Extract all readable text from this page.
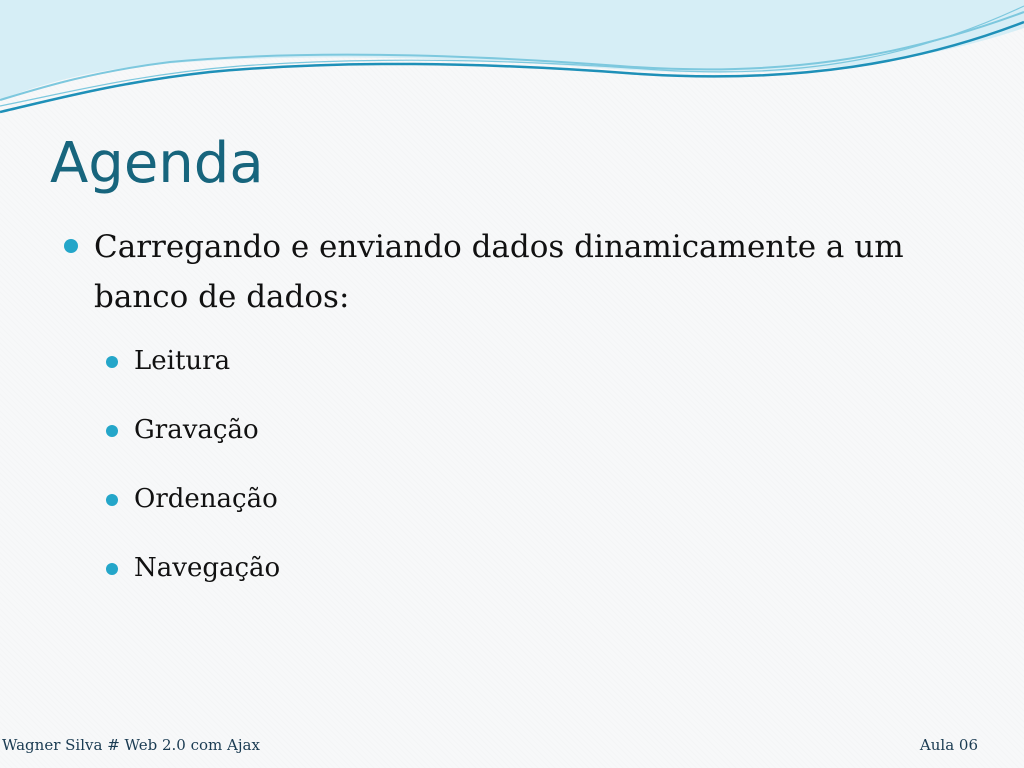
Agenda
Carregando e enviando dados dinamicamente a um banco de dados:
Leitura
Gravação
Ordenação
Navegação
Wagner Silva # Web 2.0 com Ajax	Aula 06
